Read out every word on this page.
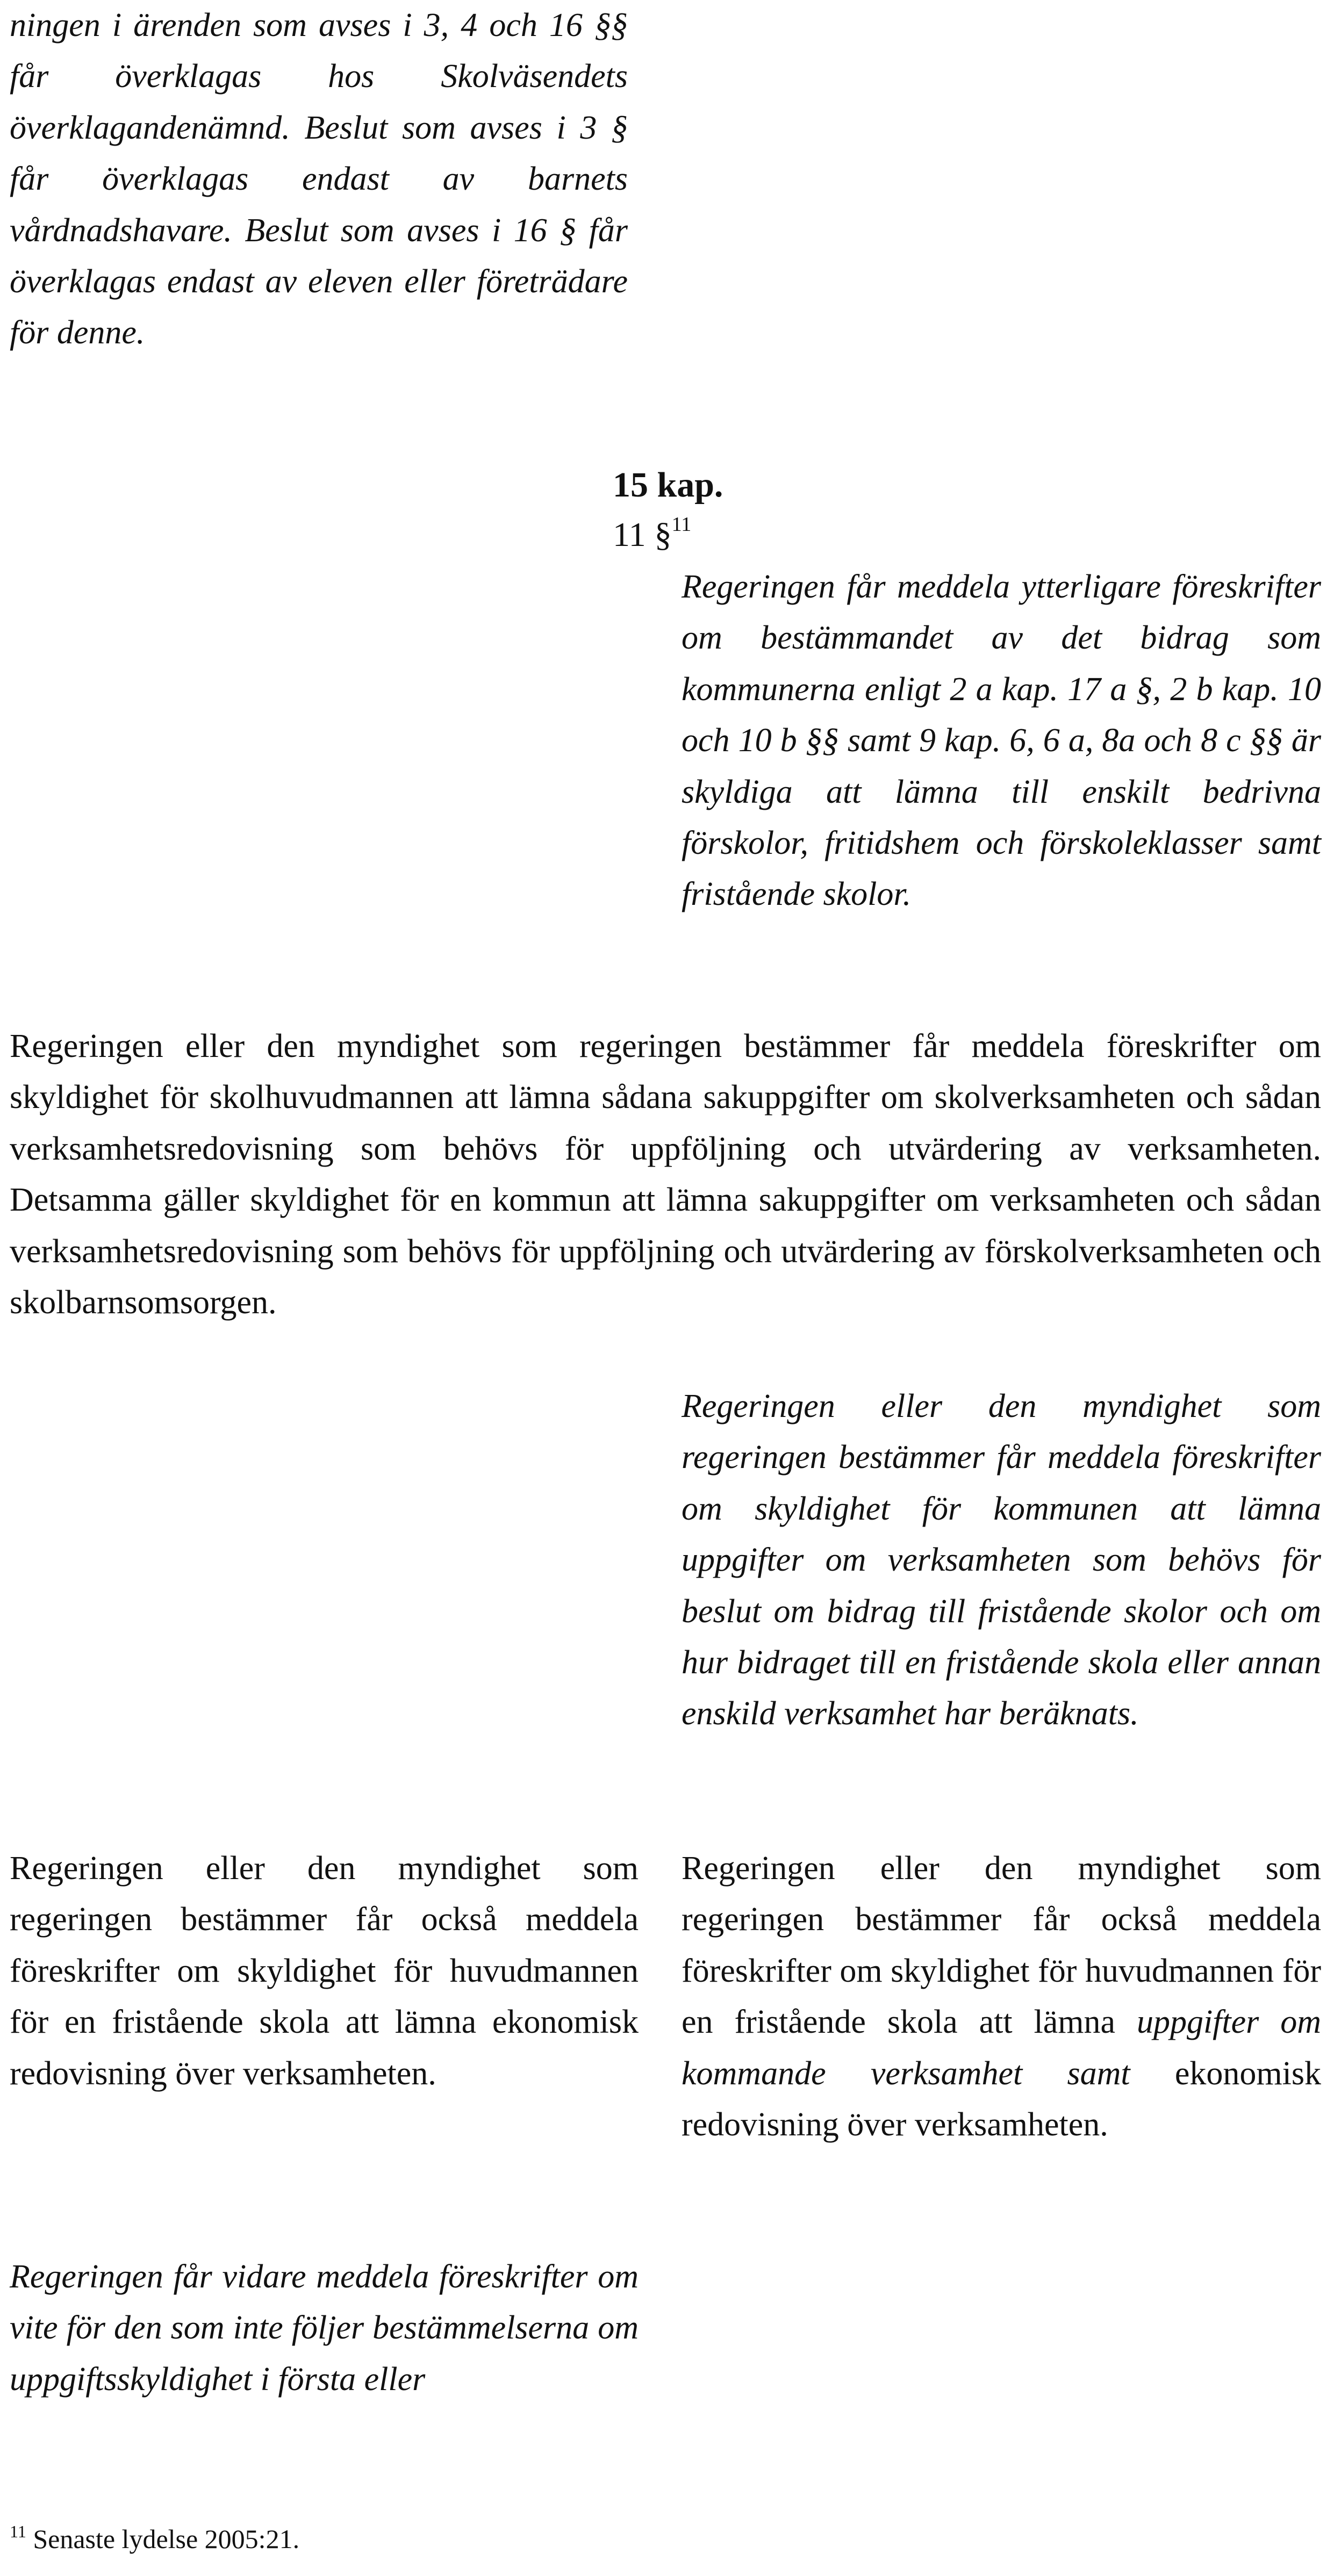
ningen i ärenden som avses i 3, 4 och 16 §§ får överklagas hos Skolväsendets överklagandenämnd. Beslut som avses i 3 § får överklagas endast av barnets vårdnadshavare. Beslut som avses i 16 § får överklagas endast av eleven eller företrädare för denne.

15 kap.
11 §$^{11}$

Regeringen får meddela ytterligare föreskrifter om bestämmandet av det bidrag som kommunerna enligt 2 a kap. 17 a §, 2 b kap. 10 och 10 b §§ samt 9 kap. 6, 6 a, 8a och 8 c §§ är skyldiga att lämna till enskilt bedrivna förskolor, fritidshem och förskoleklasser samt fristående skolor.

Regeringen eller den myndighet som regeringen bestämmer får meddela föreskrifter om skyldighet för skolhuvudmannen att lämna sådana sakuppgifter om skolverksamheten och sådan verksamhetsredovisning som behövs för uppföljning och utvärdering av verksamheten. Detsamma gäller skyldighet för en kommun att lämna sakuppgifter om verksamheten och sådan verksamhetsredovisning som behövs för uppföljning och utvärdering av förskolverksamheten och skolbarnsomsorgen.

Regeringen eller den myndighet som regeringen bestämmer får meddela föreskrifter om skyldighet för kommunen att lämna uppgifter om verksamheten som behövs för beslut om bidrag till fristående skolor och om hur bidraget till en fristående skola eller annan enskild verksamhet har beräknats.

Regeringen eller den myndighet som regeringen bestämmer får också meddela föreskrifter om skyldighet för huvudmannen för en fristående skola att lämna ekonomisk redovisning över verksamheten.

Regeringen eller den myndighet som regeringen bestämmer får också meddela föreskrifter om skyldighet för huvudmannen för en fristående skola att lämna uppgifter om kommande verksamhet samt ekonomisk redovisning över verksamheten.

Regeringen får vidare meddela föreskrifter om vite för den som inte följer bestämmelserna om uppgiftsskyldighet i första eller

$^{11}$ Senaste lydelse 2005:21.
